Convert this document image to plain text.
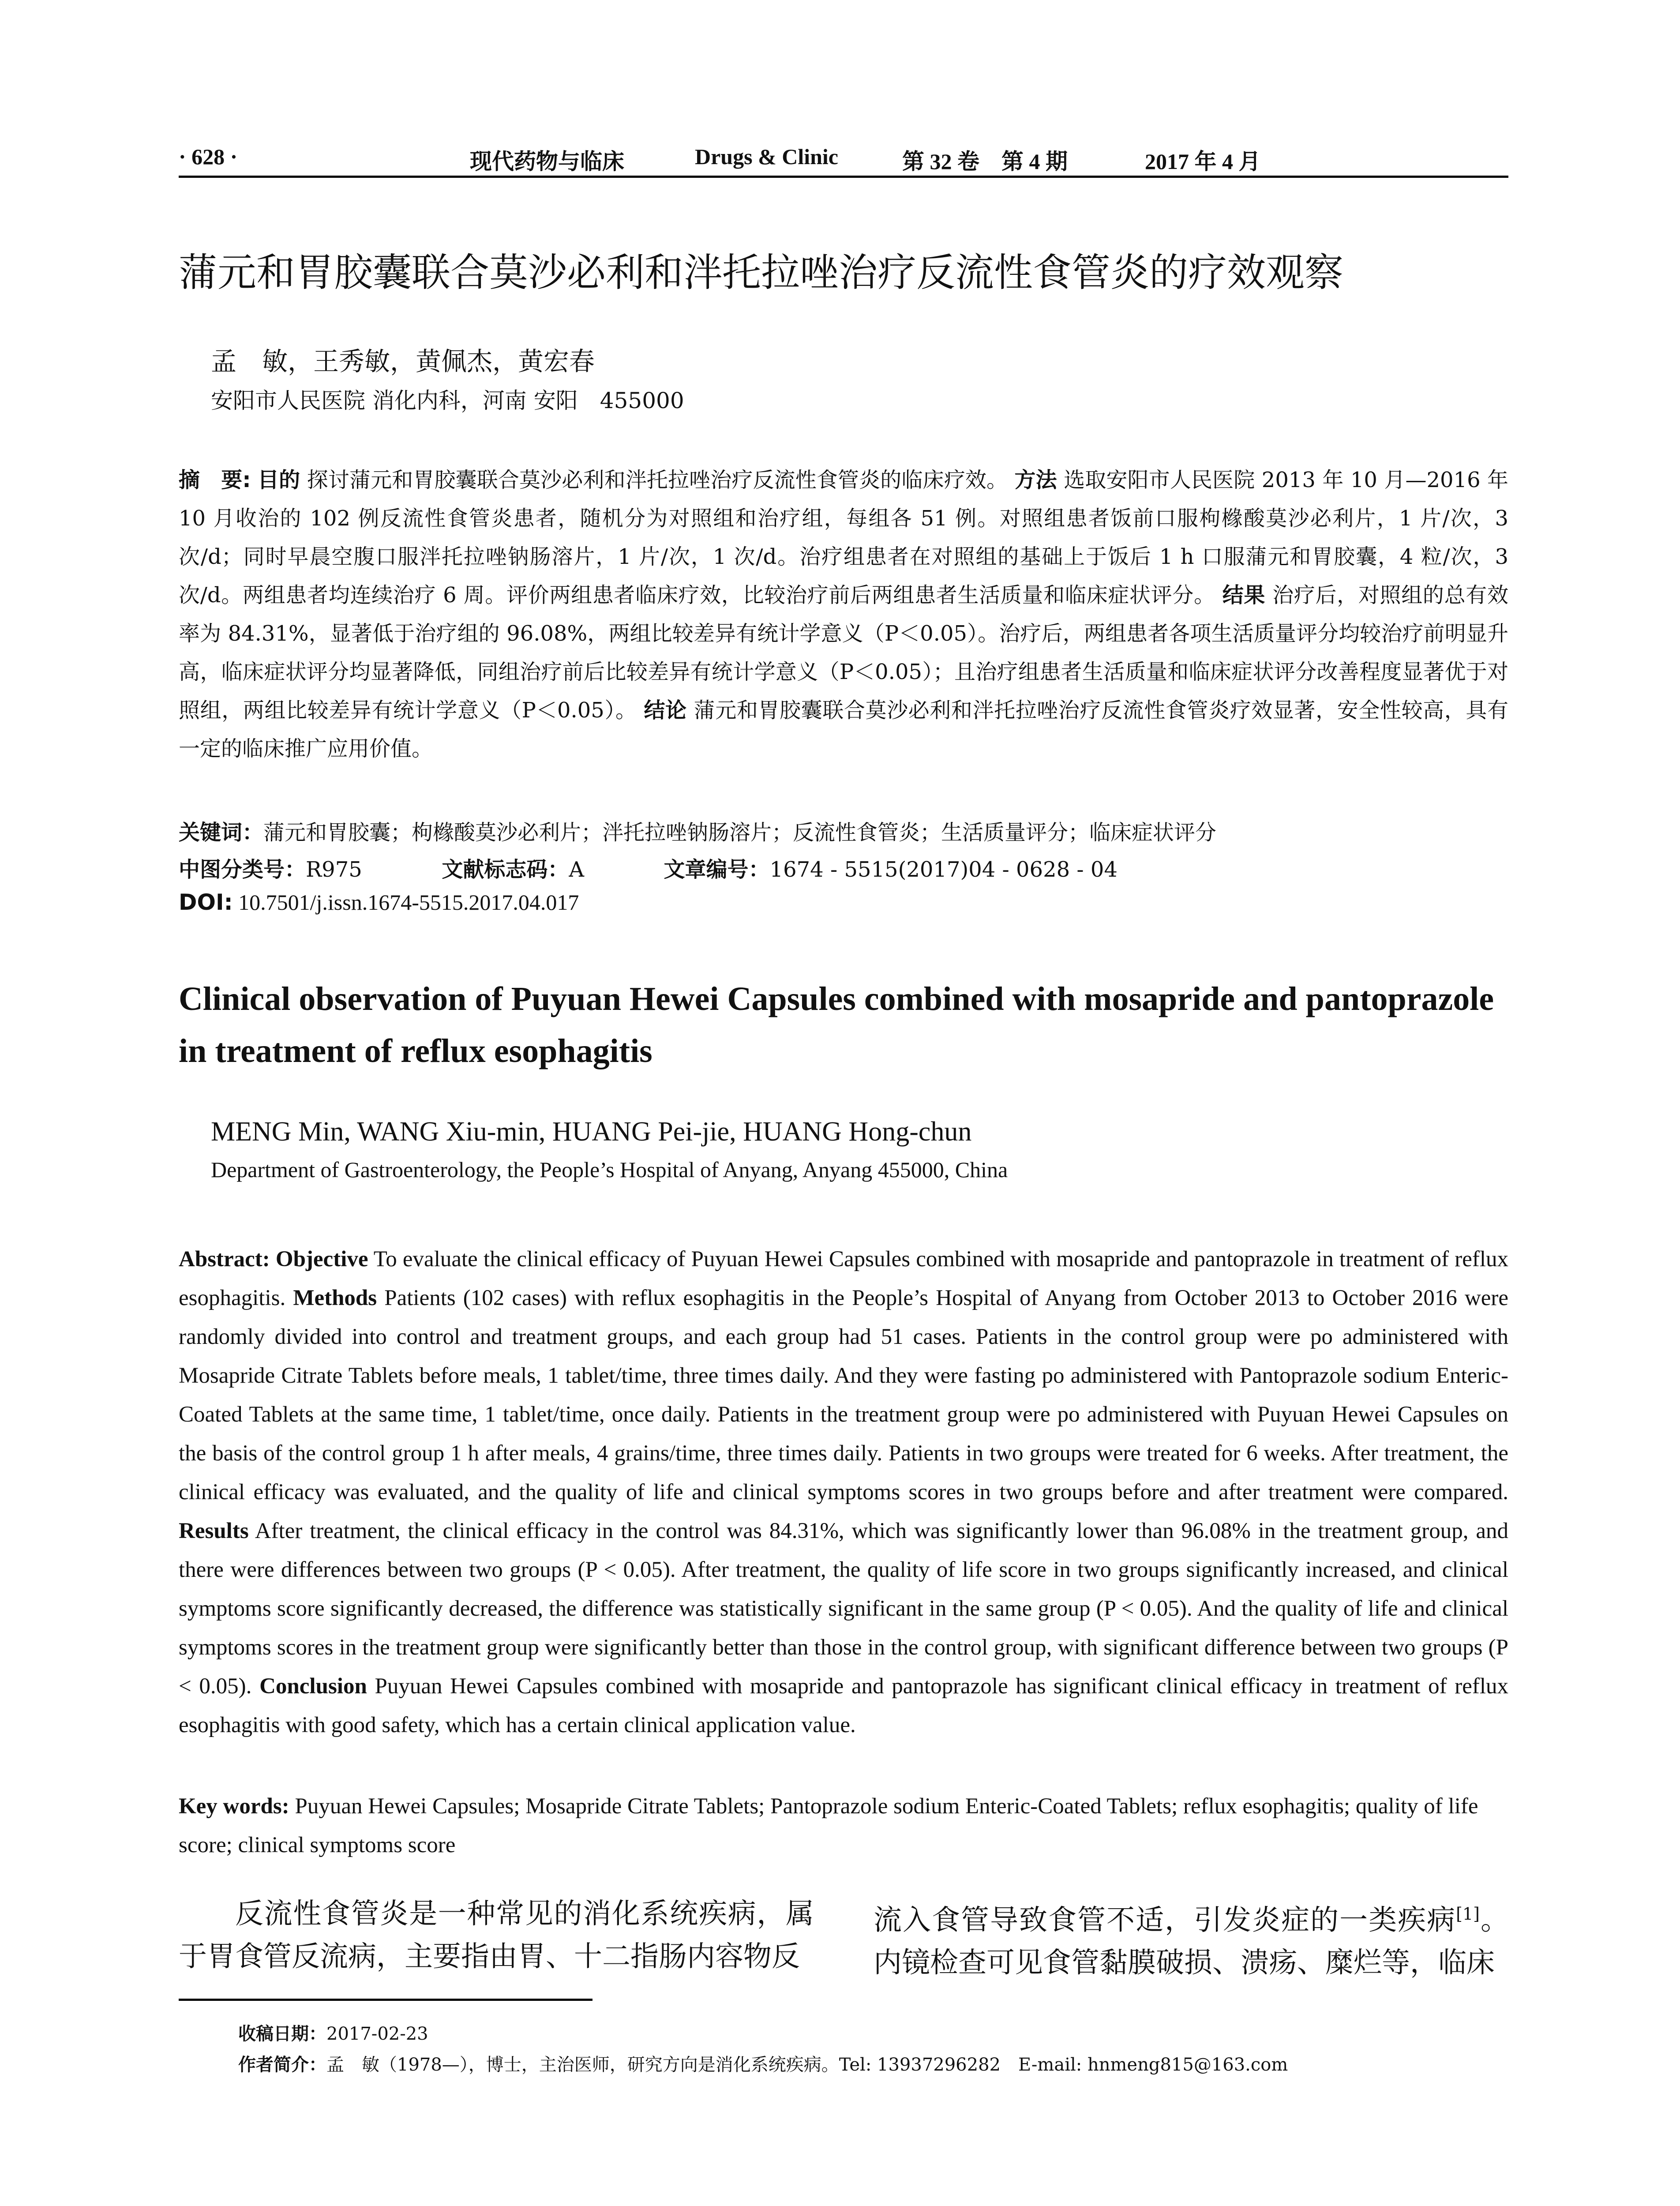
· 628 ·	现代药物与临床	Drugs & Clinic	第 32 卷　第 4 期	2017 年 4 月
蒲元和胃胶囊联合莫沙必利和泮托拉唑治疗反流性食管炎的疗效观察
孟　敏，王秀敏，黄佩杰，黄宏春
安阳市人民医院 消化内科，河南 安阳　455000
摘　要: 目的 探讨蒲元和胃胶囊联合莫沙必利和泮托拉唑治疗反流性食管炎的临床疗效。 方法 选取安阳市人民医院 2013 年 10 月—2016 年 10 月收治的 102 例反流性食管炎患者，随机分为对照组和治疗组，每组各 51 例。对照组患者饭前口服枸橼酸莫沙必利片，1 片/次，3 次/d；同时早晨空腹口服泮托拉唑钠肠溶片，1 片/次，1 次/d。治疗组患者在对照组的基础上于饭后 1 h 口服蒲元和胃胶囊，4 粒/次，3 次/d。两组患者均连续治疗 6 周。评价两组患者临床疗效，比较治疗前后两组患者生活质量和临床症状评分。 结果 治疗后，对照组的总有效率为 84.31%，显著低于治疗组的 96.08%，两组比较差异有统计学意义（P＜0.05）。治疗后，两组患者各项生活质量评分均较治疗前明显升高，临床症状评分均显著降低，同组治疗前后比较差异有统计学意义（P＜0.05）；且治疗组患者生活质量和临床症状评分改善程度显著优于对照组，两组比较差异有统计学意义（P＜0.05）。 结论 蒲元和胃胶囊联合莫沙必利和泮托拉唑治疗反流性食管炎疗效显著，安全性较高，具有一定的临床推广应用价值。
关键词：蒲元和胃胶囊；枸橼酸莫沙必利片；泮托拉唑钠肠溶片；反流性食管炎；生活质量评分；临床症状评分
中图分类号：R975	文献标志码：A	文章编号：1674 - 5515(2017)04 - 0628 - 04
DOI: 10.7501/j.issn.1674-5515.2017.04.017
Clinical observation of Puyuan Hewei Capsules combined with mosapride and pantoprazole in treatment of reflux esophagitis
MENG Min, WANG Xiu-min, HUANG Pei-jie, HUANG Hong-chun
Department of Gastroenterology, the People’s Hospital of Anyang, Anyang 455000, China
Abstract: Objective To evaluate the clinical efficacy of Puyuan Hewei Capsules combined with mosapride and pantoprazole in treatment of reflux esophagitis. Methods Patients (102 cases) with reflux esophagitis in the People’s Hospital of Anyang from October 2013 to October 2016 were randomly divided into control and treatment groups, and each group had 51 cases. Patients in the control group were po administered with Mosapride Citrate Tablets before meals, 1 tablet/time, three times daily. And they were fasting po administered with Pantoprazole sodium Enteric-Coated Tablets at the same time, 1 tablet/time, once daily. Patients in the treatment group were po administered with Puyuan Hewei Capsules on the basis of the control group 1 h after meals, 4 grains/time, three times daily. Patients in two groups were treated for 6 weeks. After treatment, the clinical efficacy was evaluated, and the quality of life and clinical symptoms scores in two groups before and after treatment were compared. Results After treatment, the clinical efficacy in the control was 84.31%, which was significantly lower than 96.08% in the treatment group, and there were differences between two groups (P < 0.05). After treatment, the quality of life score in two groups significantly increased, and clinical symptoms score significantly decreased, the difference was statistically significant in the same group (P < 0.05). And the quality of life and clinical symptoms scores in the treatment group were significantly better than those in the control group, with significant difference between two groups (P < 0.05). Conclusion Puyuan Hewei Capsules combined with mosapride and pantoprazole has significant clinical efficacy in treatment of reflux esophagitis with good safety, which has a certain clinical application value.
Key words: Puyuan Hewei Capsules; Mosapride Citrate Tablets; Pantoprazole sodium Enteric-Coated Tablets; reflux esophagitis; quality of life score; clinical symptoms score
反流性食管炎是一种常见的消化系统疾病，属于胃食管反流病，主要指由胃、十二指肠内容物反
流入食管导致食管不适，引发炎症的一类疾病[1]。内镜检查可见食管黏膜破损、溃疡、糜烂等，临床
收稿日期：2017-02-23
作者简介：孟　敏（1978—），博士，主治医师，研究方向是消化系统疾病。Tel: 13937296282　E-mail: hnmeng815@163.com
